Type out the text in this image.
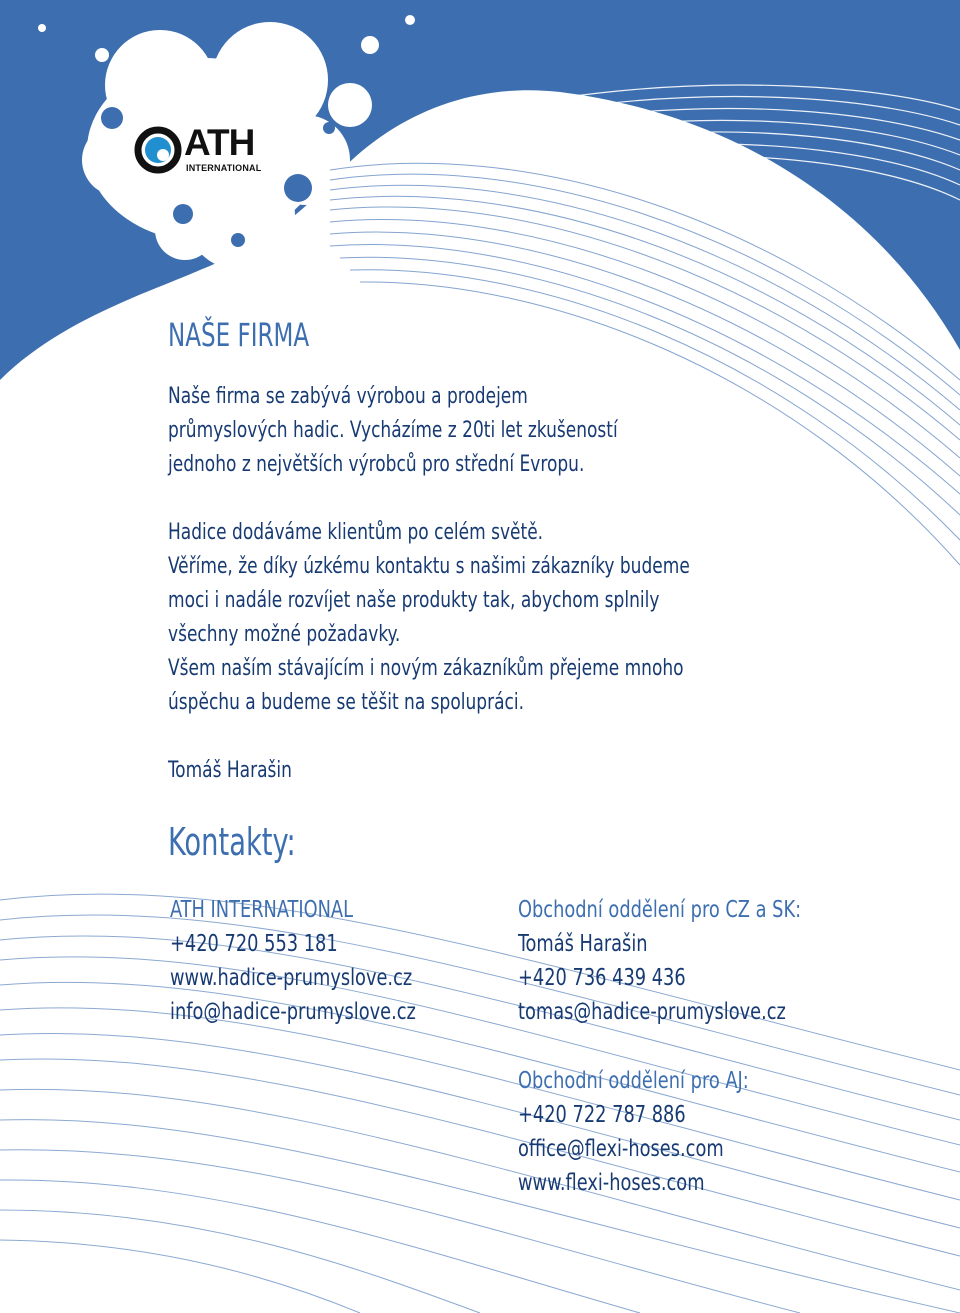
ATH
INTERNATIONAL
NAŠE FIRMA
Naše firma se zabývá výrobou a prodejem
průmyslových hadic. Vycházíme z 20ti let zkušeností
jednoho z největších výrobců pro střední Evropu.
Hadice dodáváme klientům po celém světě.
Věříme, že díky úzkému kontaktu s našimi zákazníky budeme
moci i nadále rozvíjet naše produkty tak, abychom splnily
všechny možné požadavky.
Všem naším stávajícím i novým zákazníkům přejeme mnoho
úspěchu a budeme se těšit na spolupráci.
Tomáš Harašin
Kontakty:
ATH INTERNATIONAL
+420 720 553 181
www.hadice-prumyslove.cz
info@hadice-prumyslove.cz
Obchodní oddělení pro CZ a SK:
Tomáš Harašin
+420 736 439 436
tomas@hadice-prumyslove.cz
Obchodní oddělení pro AJ:
+420 722 787 886
office@flexi-hoses.com
www.flexi-hoses.com
